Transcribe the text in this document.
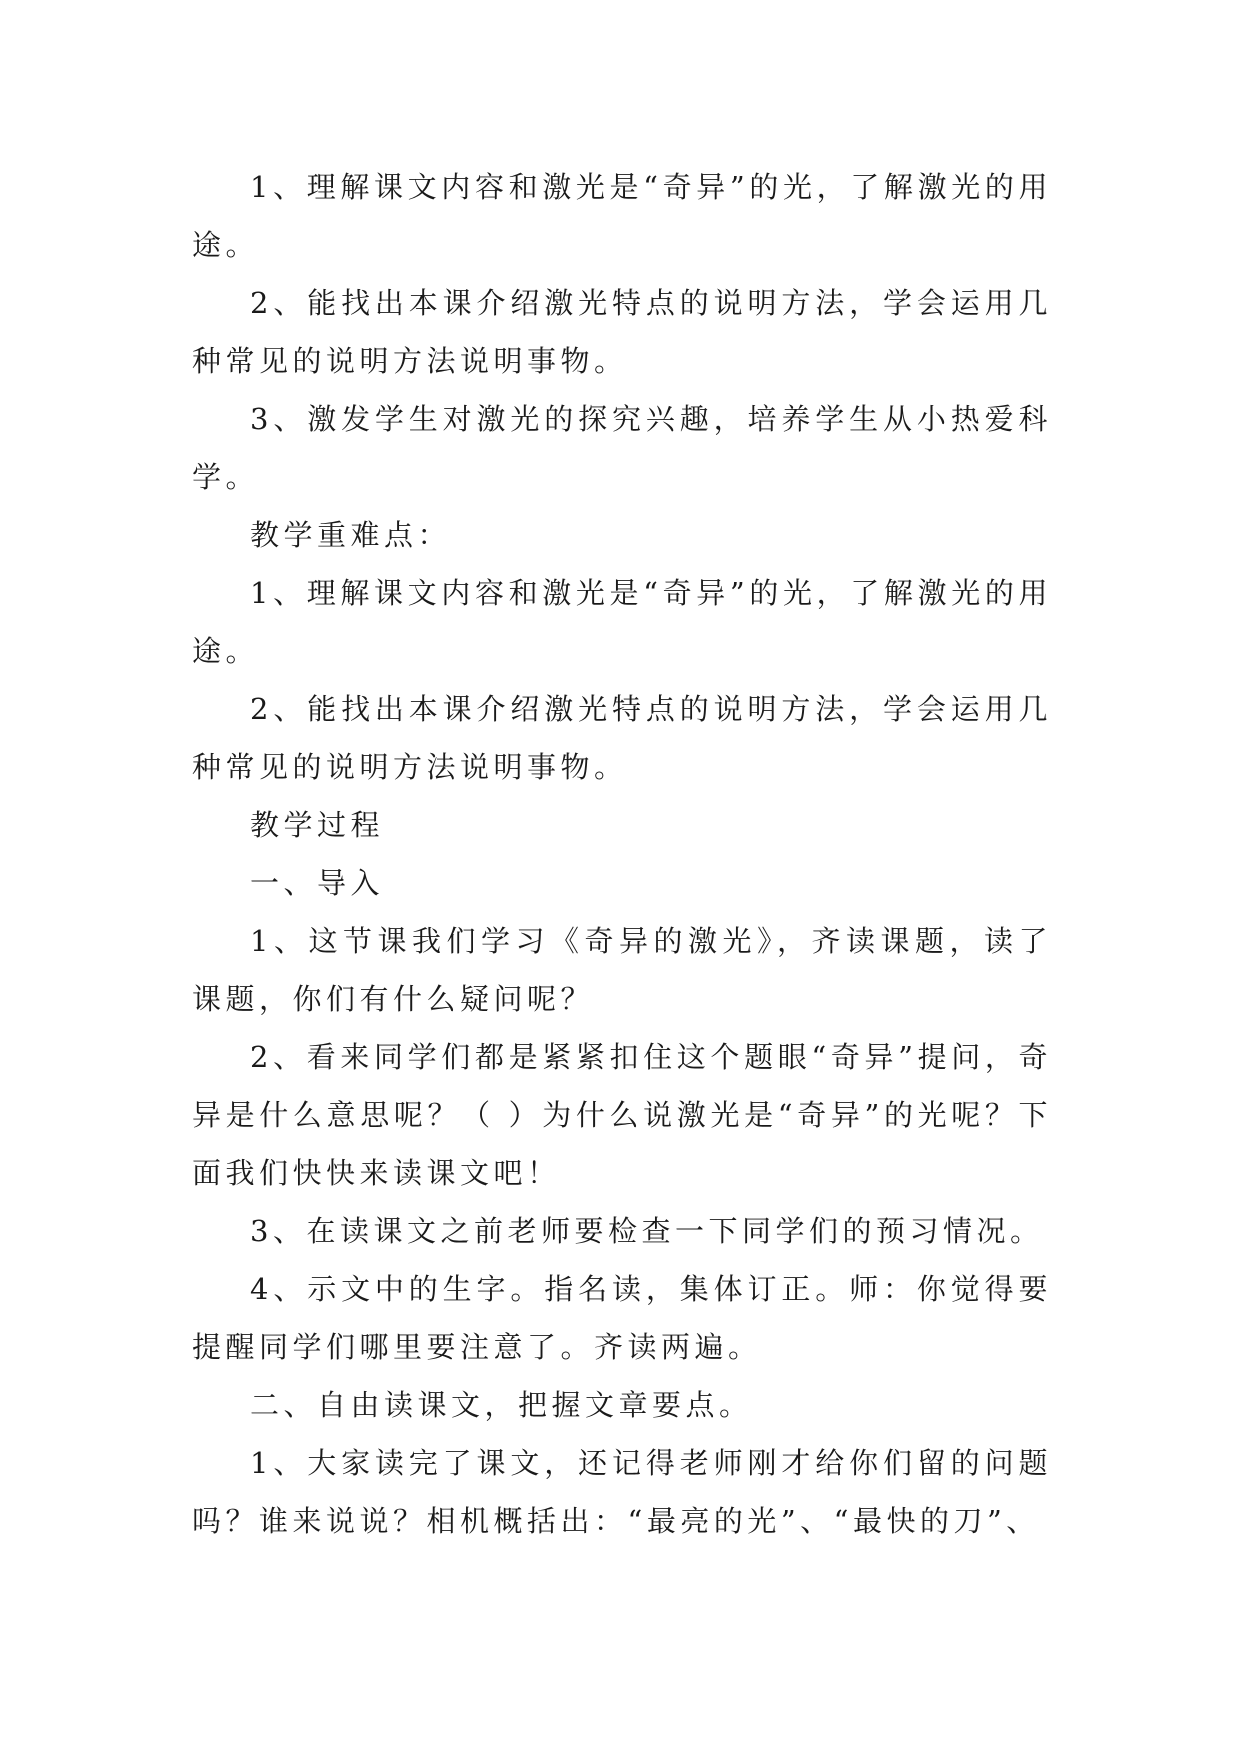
1、理解课文内容和激光是“奇异”的光，了解激光的用途。

2、能找出本课介绍激光特点的说明方法，学会运用几种常见的说明方法说明事物。

3、激发学生对激光的探究兴趣，培养学生从小热爱科学。

教学重难点：

1、理解课文内容和激光是“奇异”的光，了解激光的用途。

2、能找出本课介绍激光特点的说明方法，学会运用几种常见的说明方法说明事物。

教学过程

一、导入

1、这节课我们学习《奇异的激光》，齐读课题，读了课题，你们有什么疑问呢？

2、看来同学们都是紧紧扣住这个题眼“奇异”提问，奇异是什么意思呢？（ ）为什么说激光是“奇异”的光呢？下面我们快快来读课文吧！

3、在读课文之前老师要检查一下同学们的预习情况。

4、示文中的生字。指名读，集体订正。师：你觉得要提醒同学们哪里要注意了。齐读两遍。

二、自由读课文，把握文章要点。

1、大家读完了课文，还记得老师刚才给你们留的问题吗？谁来说说？相机概括出：“最亮的光”、“最快的刀”、
